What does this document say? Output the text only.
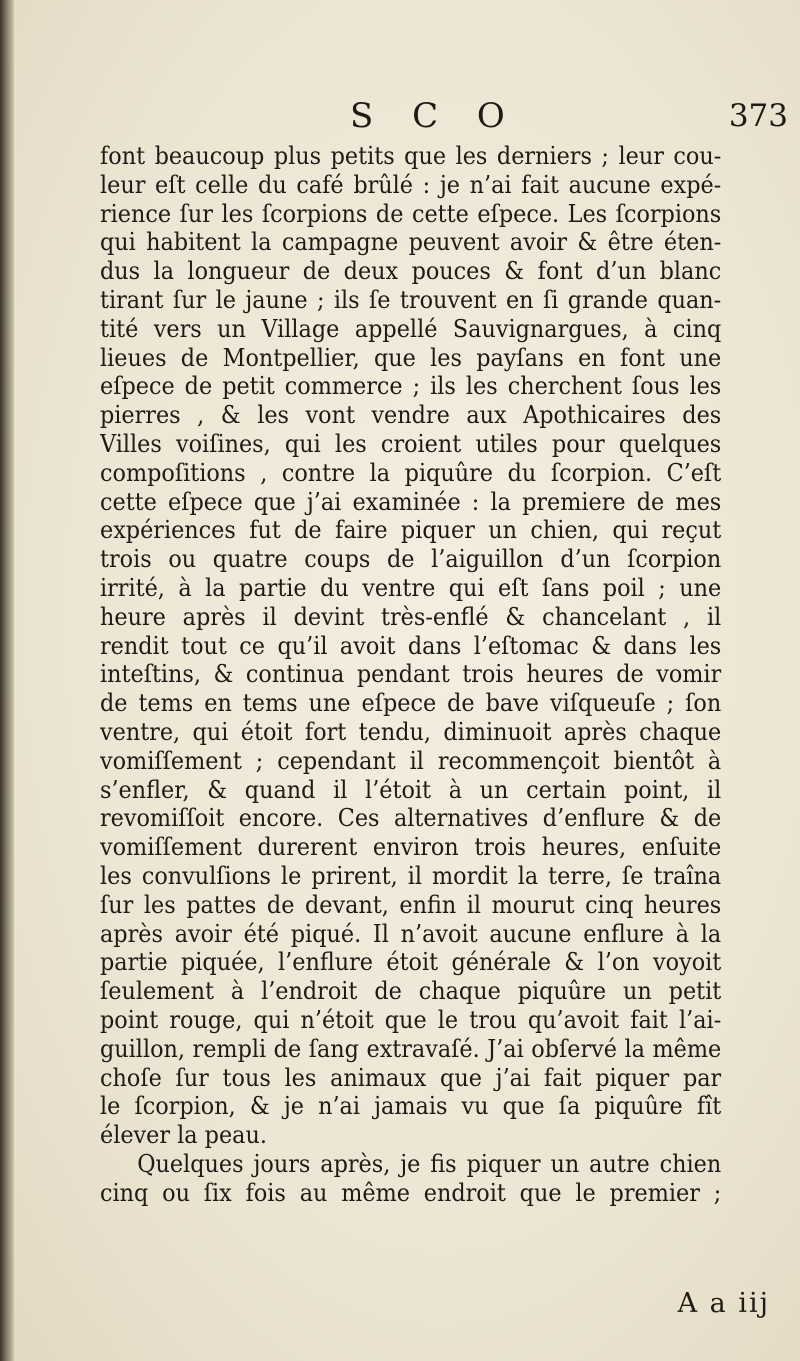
S C O	373
font beaucoup plus petits que les derniers ; leur cou-
leur eſt celle du café brûlé : je n’ai fait aucune expé-
rience ſur les ſcorpions de cette eſpece. Les ſcorpions
qui habitent la campagne peuvent avoir & être éten-
dus la longueur de deux pouces & font d’un blanc
tirant ſur le jaune ; ils ſe trouvent en ſi grande quan-
tité vers un Village appellé Sauvignargues, à cinq
lieues de Montpellier, que les payſans en font une
eſpece de petit commerce ; ils les cherchent ſous les
pierres , & les vont vendre aux Apothicaires des
Villes voiſines, qui les croient utiles pour quelques
compoſitions , contre la piquûre du ſcorpion. C’eſt
cette eſpece que j’ai examinée : la premiere de mes
expériences fut de faire piquer un chien, qui reçut
trois ou quatre coups de l’aiguillon d’un ſcorpion
irrité, à la partie du ventre qui eſt ſans poil ; une
heure après il devint très-enflé & chancelant , il
rendit tout ce qu’il avoit dans l’eſtomac & dans les
inteſtins, & continua pendant trois heures de vomir
de tems en tems une eſpece de bave viſqueuſe ; ſon
ventre, qui étoit fort tendu, diminuoit après chaque
vomiſſement ; cependant il recommençoit bientôt à
s’enfler, & quand il l’étoit à un certain point, il
revomiſſoit encore. Ces alternatives d’enflure & de
vomiſſement durerent environ trois heures, enſuite
les convulſions le prirent, il mordit la terre, ſe traîna
ſur les pattes de devant, enfin il mourut cinq heures
après avoir été piqué. Il n’avoit aucune enflure à la
partie piquée, l’enflure étoit générale & l’on voyoit
ſeulement à l’endroit de chaque piquûre un petit
point rouge, qui n’étoit que le trou qu’avoit fait l’ai-
guillon, rempli de ſang extravaſé. J’ai obſervé la même
choſe ſur tous les animaux que j’ai fait piquer par
le ſcorpion, & je n’ai jamais vu que ſa piquûre fît
élever la peau.
Quelques jours après, je fis piquer un autre chien
cinq ou ſix fois au même endroit que le premier ;
A a iij
